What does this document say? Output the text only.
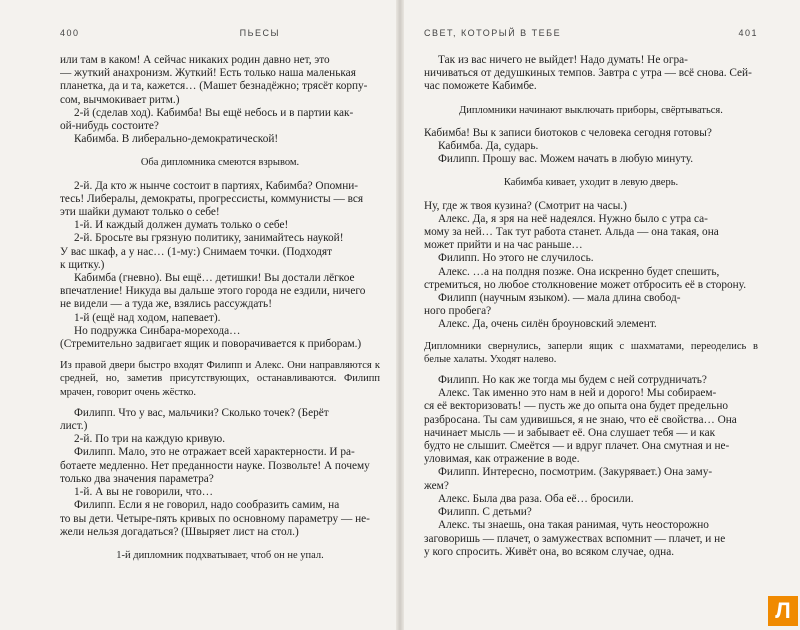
400	ПЬЕСЫ
или там в каком! А сейчас никаких родин давно нет, это
— жуткий анахронизм. Жуткий! Есть только наша маленькая
планетка, да и та, кажется… (Машет безнадёжно; трясёт корпу-
сом, вычмокивает ритм.)
2-й (сделав ход). Кабимба! Вы ещё небось и в партии как-
ой-нибудь состоите?
Кабимба. В либерально-демократической!
Оба дипломника смеются взрывом.
2-й. Да кто ж нынче состоит в партиях, Кабимба? Опомни-
тесь! Либералы, демократы, прогрессисты, коммунисты — вся
эти шайки думают только о себе!
1-й. И каждый должен думать только о себе!
2-й. Бросьте вы грязную политику, занимайтесь наукой!
У вас шкаф, а у нас… (1-му:) Снимаем точки. (Подходят
к щитку.)
Кабимба (гневно). Вы ещё… детишки! Вы достали лёгкое
впечатление! Никуда вы дальше этого города не ездили, ничего
не видели — а туда же, взялись рассуждать!
1-й (ещё над ходом, напевает).
Но подружка Синбара-морехода…
(Стремительно задвигает ящик и поворачивается к приборам.)
Из правой двери быстро входят Филипп и Алекс. Они направляются к средней, но, заметив присутствующих, останавливаются. Филипп мрачен, говорит очень жёстко.
Филипп. Что у вас, мальчики? Сколько точек? (Берёт
лист.)
2-й. По три на каждую кривую.
Филипп. Мало, это не отражает всей характерности. И ра-
ботаете медленно. Нет преданности науке. Позвольте! А почему
только два значения параметра?
1-й. А вы не говорили, что…
Филипп. Если я не говорил, надо сообразить самим, на
то вы дети. Четыре-пять кривых по основному параметру — не-
жели нельзя догадаться? (Швыряет лист на стол.)
1-й дипломник подхватывает, чтоб он не упал.
СВЕТ, КОТОРЫЙ В ТЕБЕ	401
Так из вас ничего не выйдет! Надо думать! Не огра-
ничиваться от дедушкиных темпов. Завтра с утра — всё снова. Сей-
час поможете Кабимбе.
Дипломники начинают выключать приборы, свёртываться.
Кабимба! Вы к записи биотоков с человека сегодня готовы?
Кабимба. Да, сударь.
Филипп. Прошу вас. Можем начать в любую минуту.
Кабимба кивает, уходит в левую дверь.
Ну, где ж твоя кузина? (Смотрит на часы.)
Алекс. Да, я зря на неё надеялся. Нужно было с утра са-
мому за ней… Так тут работа станет. Альда — она такая, она
может прийти и на час раньше…
Филипп. Но этого не случилось.
Алекс. …а на полдня позже. Она искренно будет спешить,
стремиться, но любое столкновение может отбросить её в сторону.
Филипп (научным языком). — мала длина свобод-
ного пробега?
Алекс. Да, очень силён броуновский элемент.
Дипломники свернулись, заперли ящик с шахматами, переоделись в белые халаты. Уходят налево.
Филипп. Но как же тогда мы будем с ней сотрудничать?
Алекс. Так именно это нам в ней и дорого! Мы собираем-
ся её векторизовать! — пусть же до опыта она будет предельно
разбросана. Ты сам удивишься, я не знаю, что её свойства… Она
начинает мысль — и забывает её. Она слушает тебя — и как
будто не слышит. Смеётся — и вдруг плачет. Она смутная и не-
уловимая, как отражение в воде.
Филипп. Интересно, посмотрим. (Закурявает.) Она заму-
жем?
Алекс. Была два раза. Оба её… бросили.
Филипп. С детьми?
Алекс. ты знаешь, она такая ранимая, чуть неосторожно
заговоришь — плачет, о замужествах вспомнит — плачет, и не
у кого спросить. Живёт она, во всяком случае, одна.
Л
